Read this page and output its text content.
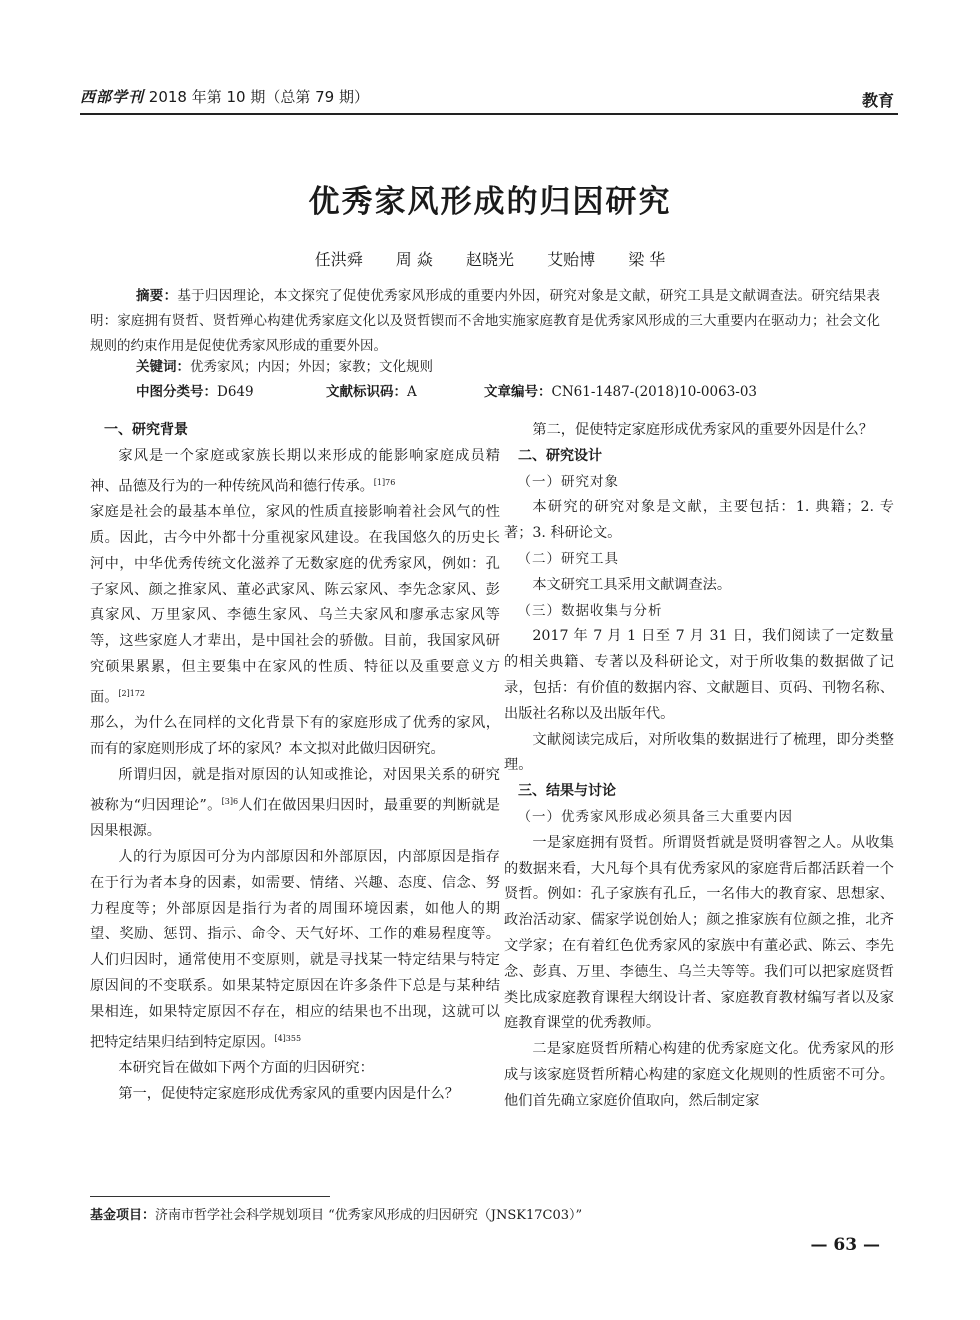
西部学刊 2018 年第 10 期（总第 79 期）	教育
优秀家风形成的归因研究
任洪舜 周 焱 赵晓光 艾贻博 梁 华
摘要：基于归因理论，本文探究了促使优秀家风形成的重要内外因，研究对象是文献，研究工具是文献调查法。研究结果表明：家庭拥有贤哲、贤哲殚心构建优秀家庭文化以及贤哲锲而不舍地实施家庭教育是优秀家风形成的三大重要内在驱动力；社会文化规则的约束作用是促使优秀家风形成的重要外因。
关键词：优秀家风；内因；外因；家教；文化规则
中图分类号：D649	文献标识码：A	文章编号：CN61-1487-(2018)10-0063-03

一、研究背景

家风是一个家庭或家族长期以来形成的能影响家庭成员精神、品德及行为的一种传统风尚和德行传承。$^{[1]76}$

家庭是社会的最基本单位，家风的性质直接影响着社会风气的性质。因此，古今中外都十分重视家风建设。在我国悠久的历史长河中，中华优秀传统文化滋养了无数家庭的优秀家风，例如：孔子家风、颜之推家风、董必武家风、陈云家风、李先念家风、彭真家风、万里家风、李德生家风、乌兰夫家风和廖承志家风等等，这些家庭人才辈出，是中国社会的骄傲。目前，我国家风研究硕果累累，但主要集中在家风的性质、特征以及重要意义方面。$^{[2]172}$

那么，为什么在同样的文化背景下有的家庭形成了优秀的家风，而有的家庭则形成了坏的家风？本文拟对此做归因研究。

所谓归因，就是指对原因的认知或推论，对因果关系的研究被称为“归因理论”。$^{[3]6}$人们在做因果归因时，最重要的判断就是因果根源。

人的行为原因可分为内部原因和外部原因，内部原因是指存在于行为者本身的因素，如需要、情绪、兴趣、态度、信念、努力程度等；外部原因是指行为者的周围环境因素，如他人的期望、奖励、惩罚、指示、命令、天气好坏、工作的难易程度等。人们归因时，通常使用不变原则，就是寻找某一特定结果与特定原因间的不变联系。如果某特定原因在许多条件下总是与某种结果相连，如果特定原因不存在，相应的结果也不出现，这就可以把特定结果归结到特定原因。$^{[4]355}$

本研究旨在做如下两个方面的归因研究：

第一，促使特定家庭形成优秀家风的重要内因是什么？

第二，促使特定家庭形成优秀家风的重要外因是什么？

二、研究设计

（一）研究对象

本研究的研究对象是文献，主要包括：1. 典籍；2. 专著；3. 科研论文。

（二）研究工具

本文研究工具采用文献调查法。

（三）数据收集与分析

2017 年 7 月 1 日至 7 月 31 日，我们阅读了一定数量的相关典籍、专著以及科研论文，对于所收集的数据做了记录，包括：有价值的数据内容、文献题目、页码、刊物名称、出版社名称以及出版年代。

文献阅读完成后，对所收集的数据进行了梳理，即分类整理。

三、结果与讨论

（一）优秀家风形成必须具备三大重要内因

一是家庭拥有贤哲。所谓贤哲就是贤明睿智之人。从收集的数据来看，大凡每个具有优秀家风的家庭背后都活跃着一个贤哲。例如：孔子家族有孔丘，一名伟大的教育家、思想家、政治活动家、儒家学说创始人；颜之推家族有位颜之推，北齐文学家；在有着红色优秀家风的家族中有董必武、陈云、李先念、彭真、万里、李德生、乌兰夫等等。我们可以把家庭贤哲类比成家庭教育课程大纲设计者、家庭教育教材编写者以及家庭教育课堂的优秀教师。

二是家庭贤哲所精心构建的优秀家庭文化。优秀家风的形成与该家庭贤哲所精心构建的家庭文化规则的性质密不可分。他们首先确立家庭价值取向，然后制定家

基金项目：济南市哲学社会科学规划项目 “优秀家风形成的归因研究（JNSK17C03）”
— 63 —
